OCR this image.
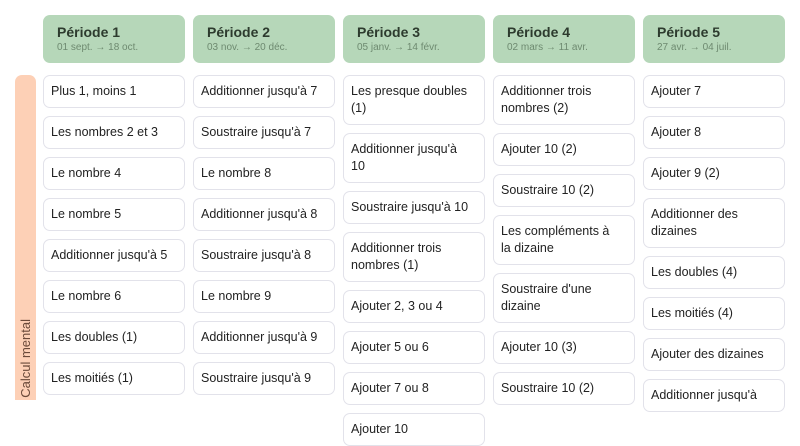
Calcul mental
Période 1
01 sept. → 18 oct.
Plus 1, moins 1
Les nombres 2 et 3
Le nombre 4
Le nombre 5
Additionner jusqu'à 5
Le nombre 6
Les doubles (1)
Les moitiés (1)
Période 2
03 nov. → 20 déc.
Additionner jusqu'à 7
Soustraire jusqu'à 7
Le nombre 8
Additionner jusqu'à 8
Soustraire jusqu'à 8
Le nombre 9
Additionner jusqu'à 9
Soustraire jusqu'à 9
Période 3
05 janv. → 14 févr.
Les presque doubles (1)
Additionner jusqu'à 10
Soustraire jusqu'à 10
Additionner trois nombres (1)
Ajouter 2, 3 ou 4
Ajouter 5 ou 6
Ajouter 7 ou 8
Ajouter 10
Période 4
02 mars → 11 avr.
Additionner trois nombres (2)
Ajouter 10 (2)
Soustraire 10 (2)
Les compléments à la dizaine
Soustraire d'une dizaine
Ajouter 10 (3)
Soustraire 10 (2)
Période 5
27 avr. → 04 juil.
Ajouter 7
Ajouter 8
Ajouter 9 (2)
Additionner des dizaines
Les doubles (4)
Les moitiés (4)
Ajouter des dizaines
Additionner jusqu'à
